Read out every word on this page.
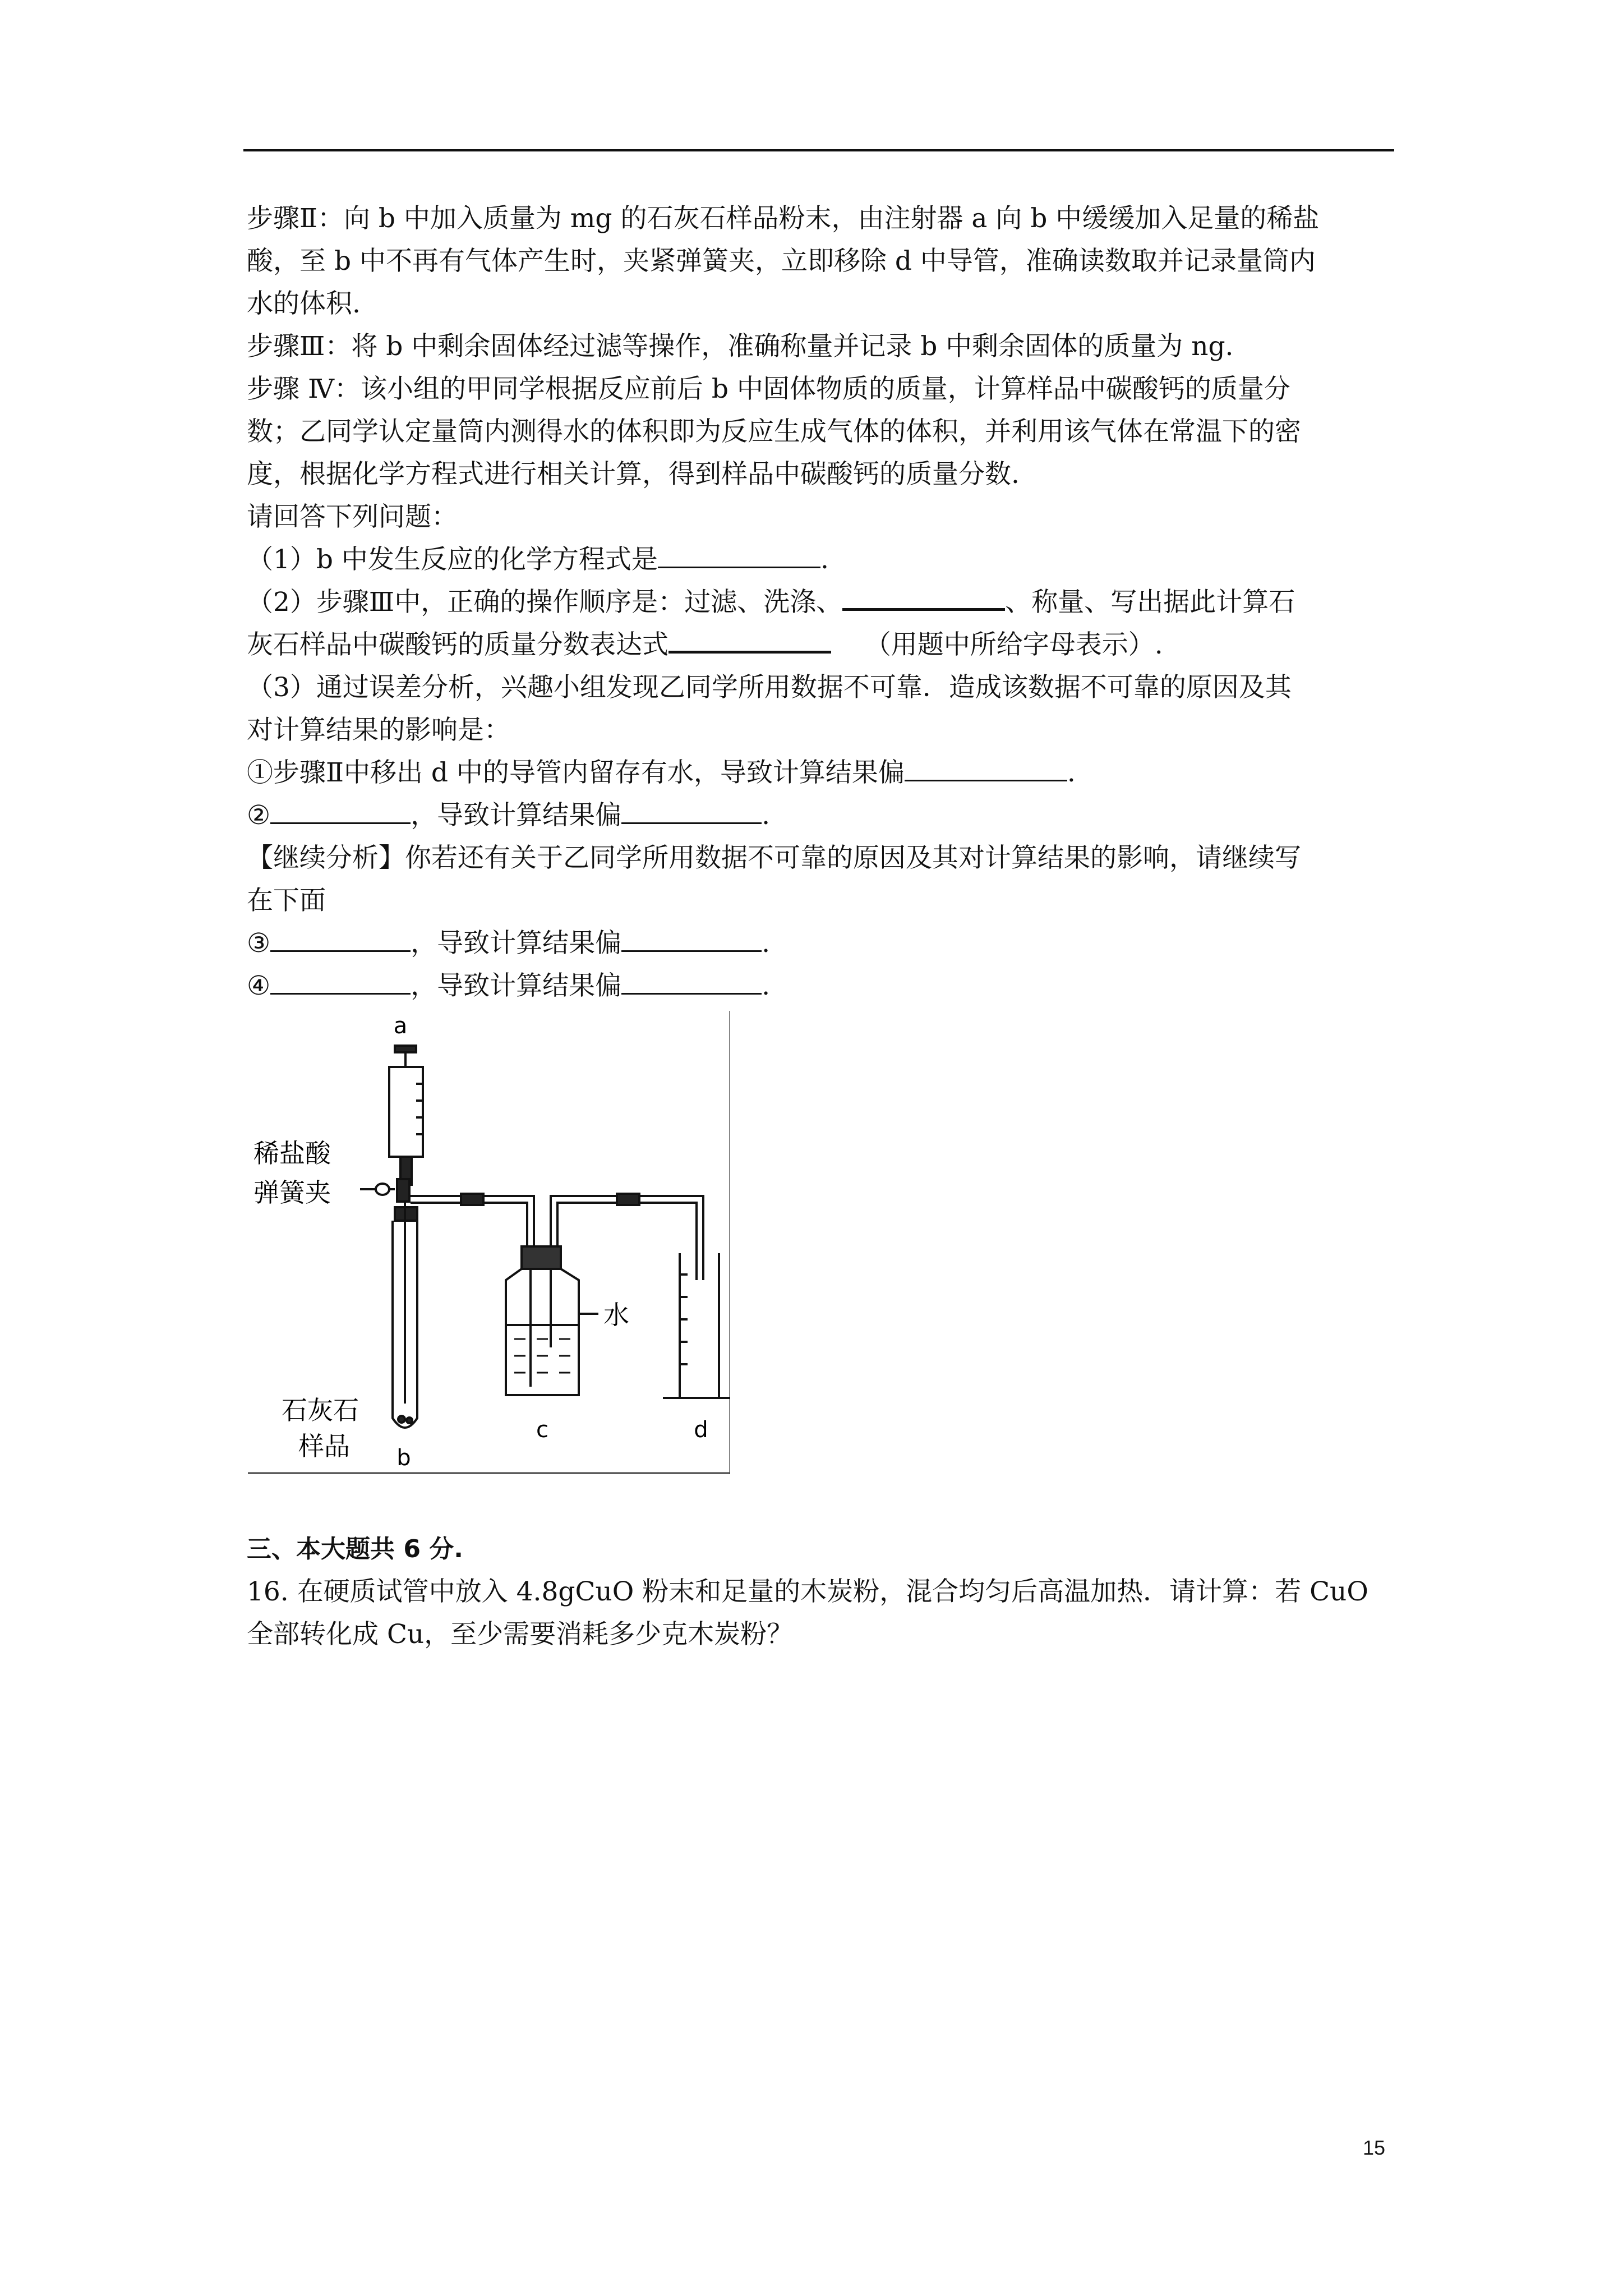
步骤Ⅱ：向 b 中加入质量为 mg 的石灰石样品粉末，由注射器 a 向 b 中缓缓加入足量的稀盐
酸，至 b 中不再有气体产生时，夹紧弹簧夹，立即移除 d 中导管，准确读数取并记录量筒内
水的体积.
步骤Ⅲ：将 b 中剩余固体经过滤等操作，准确称量并记录 b 中剩余固体的质量为 ng.
步骤 Ⅳ：该小组的甲同学根据反应前后 b 中固体物质的质量，计算样品中碳酸钙的质量分
数；乙同学认定量筒内测得水的体积即为反应生成气体的体积，并利用该气体在常温下的密
度，根据化学方程式进行相关计算，得到样品中碳酸钙的质量分数.
请回答下列问题：
（1）b 中发生反应的化学方程式是	.
（2）步骤Ⅲ中，正确的操作顺序是：过滤、洗涤、	、称量、写出据此计算石
灰石样品中碳酸钙的质量分数表达式	（用题中所给字母表示）.
（3）通过误差分析，兴趣小组发现乙同学所用数据不可靠．造成该数据不可靠的原因及其
对计算结果的影响是：
①步骤Ⅱ中移出 d 中的导管内留存有水，导致计算结果偏	.
②	，导致计算结果偏	.
【继续分析】你若还有关于乙同学所用数据不可靠的原因及其对计算结果的影响，请继续写
在下面
③	，导致计算结果偏	.
④	，导致计算结果偏	.
a
稀盐酸
弹簧夹
水
石灰石
样品 b
c	d
三、本大题共 6 分.
16. 在硬质试管中放入 4.8gCuO 粉末和足量的木炭粉，混合均匀后高温加热．请计算：若 CuO
全部转化成 Cu，至少需要消耗多少克木炭粉？
15
